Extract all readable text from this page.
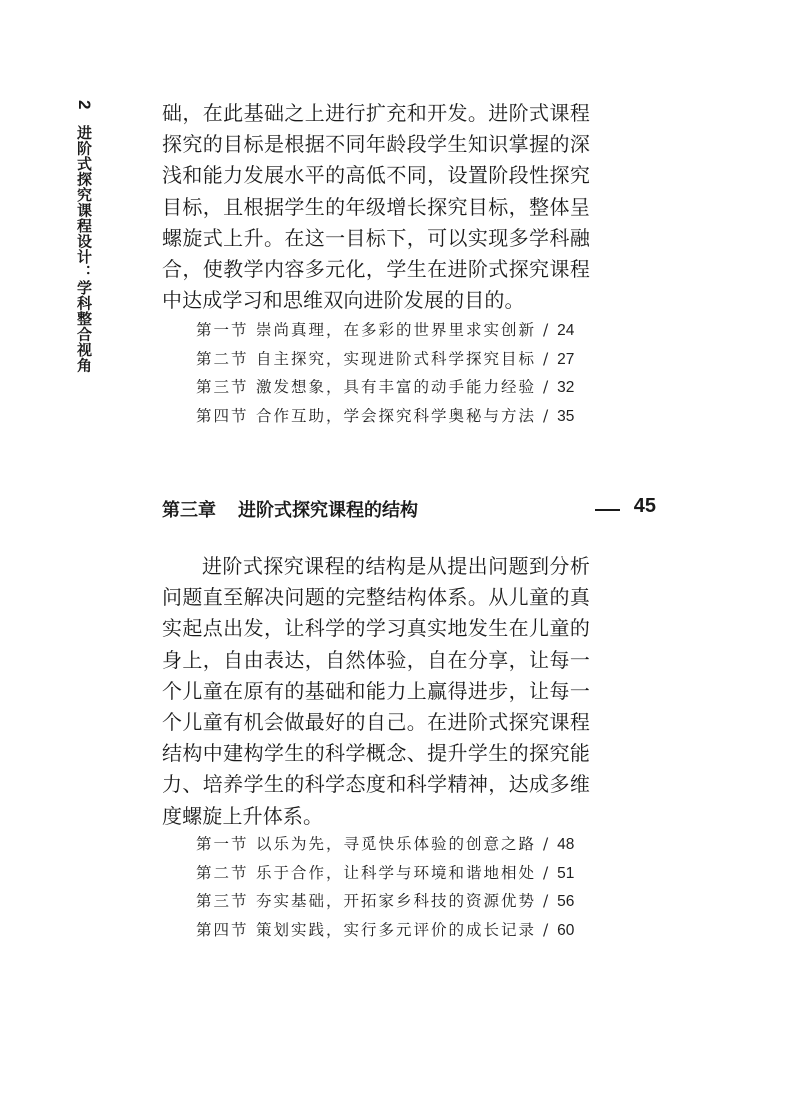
2
进阶式探究课程设计：学科整合视角

础，在此基础之上进行扩充和开发。进阶式课程探究的目标是根据不同年龄段学生知识掌握的深浅和能力发展水平的高低不同，设置阶段性探究目标，且根据学生的年级增长探究目标，整体呈螺旋式上升。在这一目标下，可以实现多学科融合，使教学内容多元化，学生在进阶式探究课程中达成学习和思维双向进阶发展的目的。

第一节 崇尚真理，在多彩的世界里求实创新 / 24
第二节 自主探究，实现进阶式科学探究目标 / 27
第三节 激发想象，具有丰富的动手能力经验 / 32
第四节 合作互助，学会探究科学奥秘与方法 / 35
第三章 进阶式探究课程的结构	45

进阶式探究课程的结构是从提出问题到分析问题直至解决问题的完整结构体系。从儿童的真实起点出发，让科学的学习真实地发生在儿童的身上，自由表达，自然体验，自在分享，让每一个儿童在原有的基础和能力上赢得进步，让每一个儿童有机会做最好的自己。在进阶式探究课程结构中建构学生的科学概念、提升学生的探究能力、培养学生的科学态度和科学精神，达成多维度螺旋上升体系。

第一节 以乐为先，寻觅快乐体验的创意之路 / 48
第二节 乐于合作，让科学与环境和谐地相处 / 51
第三节 夯实基础，开拓家乡科技的资源优势 / 56
第四节 策划实践，实行多元评价的成长记录 / 60
